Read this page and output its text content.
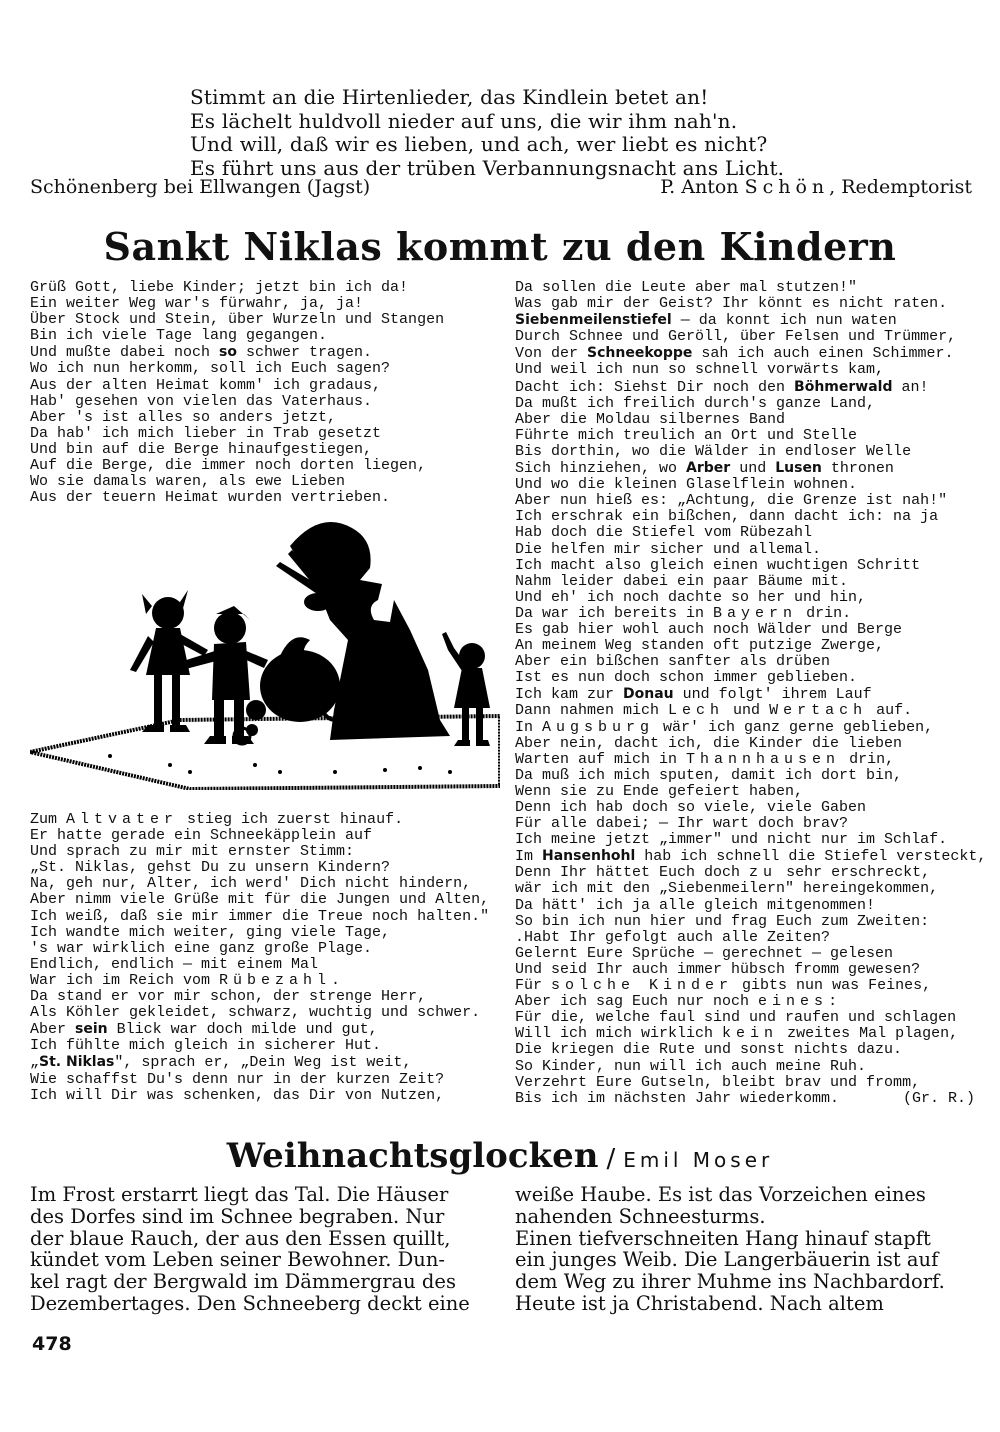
Stimmt an die Hirtenlieder, das Kindlein betet an!
Es lächelt huldvoll nieder auf uns, die wir ihm nah'n.
Und will, daß wir es lieben, und ach, wer liebt es nicht?
Es führt uns aus der trüben Verbannungsnacht ans Licht.
Schönenberg bei Ellwangen (Jagst)	P. Anton Schön, Redemptorist
Sankt Niklas kommt zu den Kindern
Grüß Gott, liebe Kinder; jetzt bin ich da!
Ein weiter Weg war's fürwahr, ja, ja!
Über Stock und Stein, über Wurzeln und Stangen
Bin ich viele Tage lang gegangen.
Und mußte dabei noch so schwer tragen.
Wo ich nun herkomm, soll ich Euch sagen?
Aus der alten Heimat komm' ich gradaus,
Hab' gesehen von vielen das Vaterhaus.
Aber 's ist alles so anders jetzt,
Da hab' ich mich lieber in Trab gesetzt
Und bin auf die Berge hinaufgestiegen,
Auf die Berge, die immer noch dorten liegen,
Wo sie damals waren, als ewe Lieben
Aus der teuern Heimat wurden vertrieben.
Zum Altvater stieg ich zuerst hinauf.
Er hatte gerade ein Schneekäpplein auf
Und sprach zu mir mit ernster Stimm:
„St. Niklas, gehst Du zu unsern Kindern?
Na, geh nur, Alter, ich werd' Dich nicht hindern,
Aber nimm viele Grüße mit für die Jungen und Alten,
Ich weiß, daß sie mir immer die Treue noch halten."
Ich wandte mich weiter, ging viele Tage,
's war wirklich eine ganz große Plage.
Endlich, endlich — mit einem Mal
War ich im Reich vom Rübezahl.
Da stand er vor mir schon, der strenge Herr,
Als Köhler gekleidet, schwarz, wuchtig und schwer.
Aber sein Blick war doch milde und gut,
Ich fühlte mich gleich in sicherer Hut.
„St. Niklas", sprach er, „Dein Weg ist weit,
Wie schaffst Du's denn nur in der kurzen Zeit?
Ich will Dir was schenken, das Dir von Nutzen,
Da sollen die Leute aber mal stutzen!"
Was gab mir der Geist? Ihr könnt es nicht raten.
Siebenmeilenstiefel — da konnt ich nun waten
Durch Schnee und Geröll, über Felsen und Trümmer,
Von der Schneekoppe sah ich auch einen Schimmer.
Und weil ich nun so schnell vorwärts kam,
Dacht ich: Siehst Dir noch den Böhmerwald an!
Da mußt ich freilich durch's ganze Land,
Aber die Moldau silbernes Band
Führte mich treulich an Ort und Stelle
Bis dorthin, wo die Wälder in endloser Welle
Sich hinziehen, wo Arber und Lusen thronen
Und wo die kleinen Glaselflein wohnen.
Aber nun hieß es: „Achtung, die Grenze ist nah!"
Ich erschrak ein bißchen, dann dacht ich: na ja
Hab doch die Stiefel vom Rübezahl
Die helfen mir sicher und allemal.
Ich macht also gleich einen wuchtigen Schritt
Nahm leider dabei ein paar Bäume mit.
Und eh' ich noch dachte so her und hin,
Da war ich bereits in Bayern drin.
Es gab hier wohl auch noch Wälder und Berge
An meinem Weg standen oft putzige Zwerge,
Aber ein bißchen sanfter als drüben
Ist es nun doch schon immer geblieben.
Ich kam zur Donau und folgt' ihrem Lauf
Dann nahmen mich Lech und Wertach auf.
In Augsburg wär' ich ganz gerne geblieben,
Aber nein, dacht ich, die Kinder die lieben
Warten auf mich in Thannhausen drin,
Da muß ich mich sputen, damit ich dort bin,
Wenn sie zu Ende gefeiert haben,
Denn ich hab doch so viele, viele Gaben
Für alle dabei; — Ihr wart doch brav?
Ich meine jetzt „immer" und nicht nur im Schlaf.
Im Hansenhohl hab ich schnell die Stiefel versteckt,
Denn Ihr hättet Euch doch zu sehr erschreckt,
wär ich mit den „Siebenmeilern" hereingekommen,
Da hätt' ich ja alle gleich mitgenommen!
So bin ich nun hier und frag Euch zum Zweiten:
.Habt Ihr gefolgt auch alle Zeiten?
Gelernt Eure Sprüche — gerechnet — gelesen
Und seid Ihr auch immer hübsch fromm gewesen?
Für solche Kinder gibts nun was Feines,
Aber ich sag Euch nur noch eines:
Für die, welche faul sind und raufen und schlagen
Will ich mich wirklich kein zweites Mal plagen,
Die kriegen die Rute und sonst nichts dazu.
So Kinder, nun will ich auch meine Ruh.
Verzehrt Eure Gutseln, bleibt brav und fromm,
Bis ich im nächsten Jahr wiederkomm.	(Gr. R.)
Weihnachtsglocken / Emil Moser
Im Frost erstarrt liegt das Tal. Die Häuser
des Dorfes sind im Schnee begraben. Nur
der blaue Rauch, der aus den Essen quillt,
kündet vom Leben seiner Bewohner. Dun-
kel ragt der Bergwald im Dämmergrau des
Dezembertages. Den Schneeberg deckt eine
weiße Haube. Es ist das Vorzeichen eines
nahenden Schneesturms.
Einen tiefverschneiten Hang hinauf stapft
ein junges Weib. Die Langerbäuerin ist auf
dem Weg zu ihrer Muhme ins Nachbardorf.
Heute ist ja Christabend. Nach altem
478
